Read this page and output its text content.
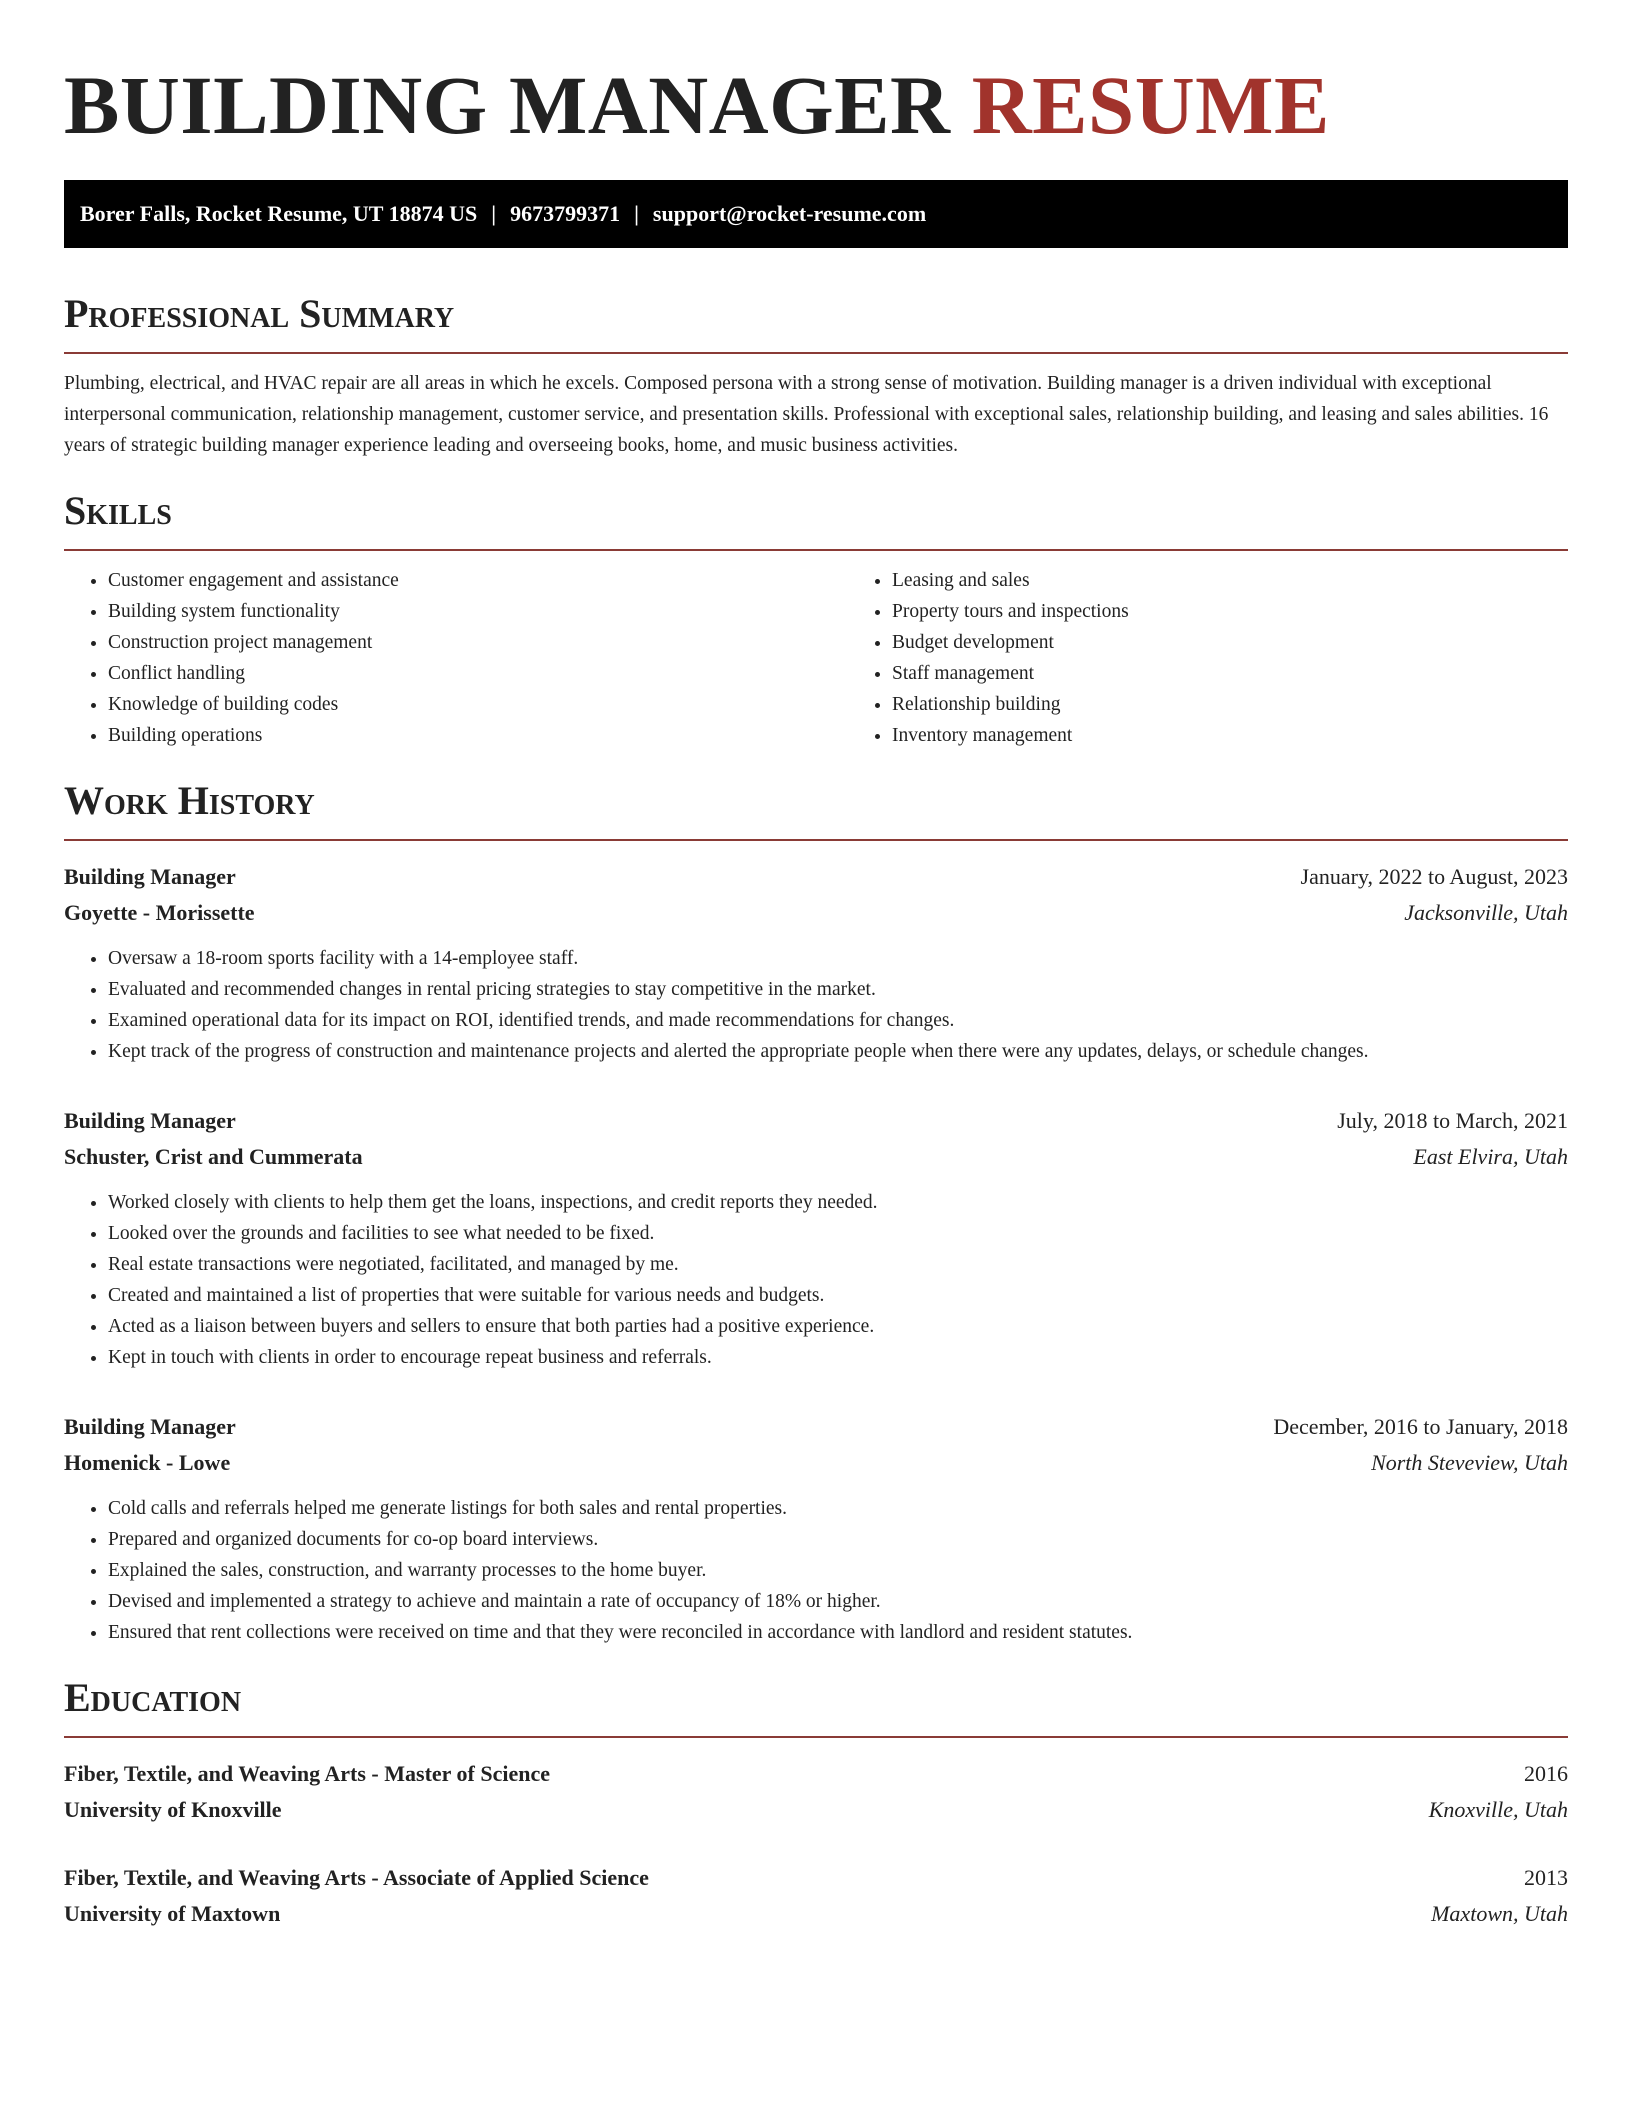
BUILDING MANAGER RESUME
Borer Falls, Rocket Resume, UT 18874 US | 9673799371 | support@rocket-resume.com
Professional Summary

Plumbing, electrical, and HVAC repair are all areas in which he excels. Composed persona with a strong sense of motivation. Building manager is a driven individual with exceptional interpersonal communication, relationship management, customer service, and presentation skills. Professional with exceptional sales, relationship building, and leasing and sales abilities. 16 years of strategic building manager experience leading and overseeing books, home, and music business activities.

Skills
• Customer engagement and assistance
• Building system functionality
• Construction project management
• Conflict handling
• Knowledge of building codes
• Building operations
• Leasing and sales
• Property tours and inspections
• Budget development
• Staff management
• Relationship building
• Inventory management
Work History
Building Manager	January, 2022 to August, 2023
Goyette - Morissette	Jacksonville, Utah
• Oversaw a 18-room sports facility with a 14-employee staff.
• Evaluated and recommended changes in rental pricing strategies to stay competitive in the market.
• Examined operational data for its impact on ROI, identified trends, and made recommendations for changes.
• Kept track of the progress of construction and maintenance projects and alerted the appropriate people when there were any updates, delays, or schedule changes.
Building Manager	July, 2018 to March, 2021
Schuster, Crist and Cummerata	East Elvira, Utah
• Worked closely with clients to help them get the loans, inspections, and credit reports they needed.
• Looked over the grounds and facilities to see what needed to be fixed.
• Real estate transactions were negotiated, facilitated, and managed by me.
• Created and maintained a list of properties that were suitable for various needs and budgets.
• Acted as a liaison between buyers and sellers to ensure that both parties had a positive experience.
• Kept in touch with clients in order to encourage repeat business and referrals.
Building Manager	December, 2016 to January, 2018
Homenick - Lowe	North Steveview, Utah
• Cold calls and referrals helped me generate listings for both sales and rental properties.
• Prepared and organized documents for co-op board interviews.
• Explained the sales, construction, and warranty processes to the home buyer.
• Devised and implemented a strategy to achieve and maintain a rate of occupancy of 18% or higher.
• Ensured that rent collections were received on time and that they were reconciled in accordance with landlord and resident statutes.
Education
Fiber, Textile, and Weaving Arts - Master of Science	2016
University of Knoxville	Knoxville, Utah
Fiber, Textile, and Weaving Arts - Associate of Applied Science	2013
University of Maxtown	Maxtown, Utah
